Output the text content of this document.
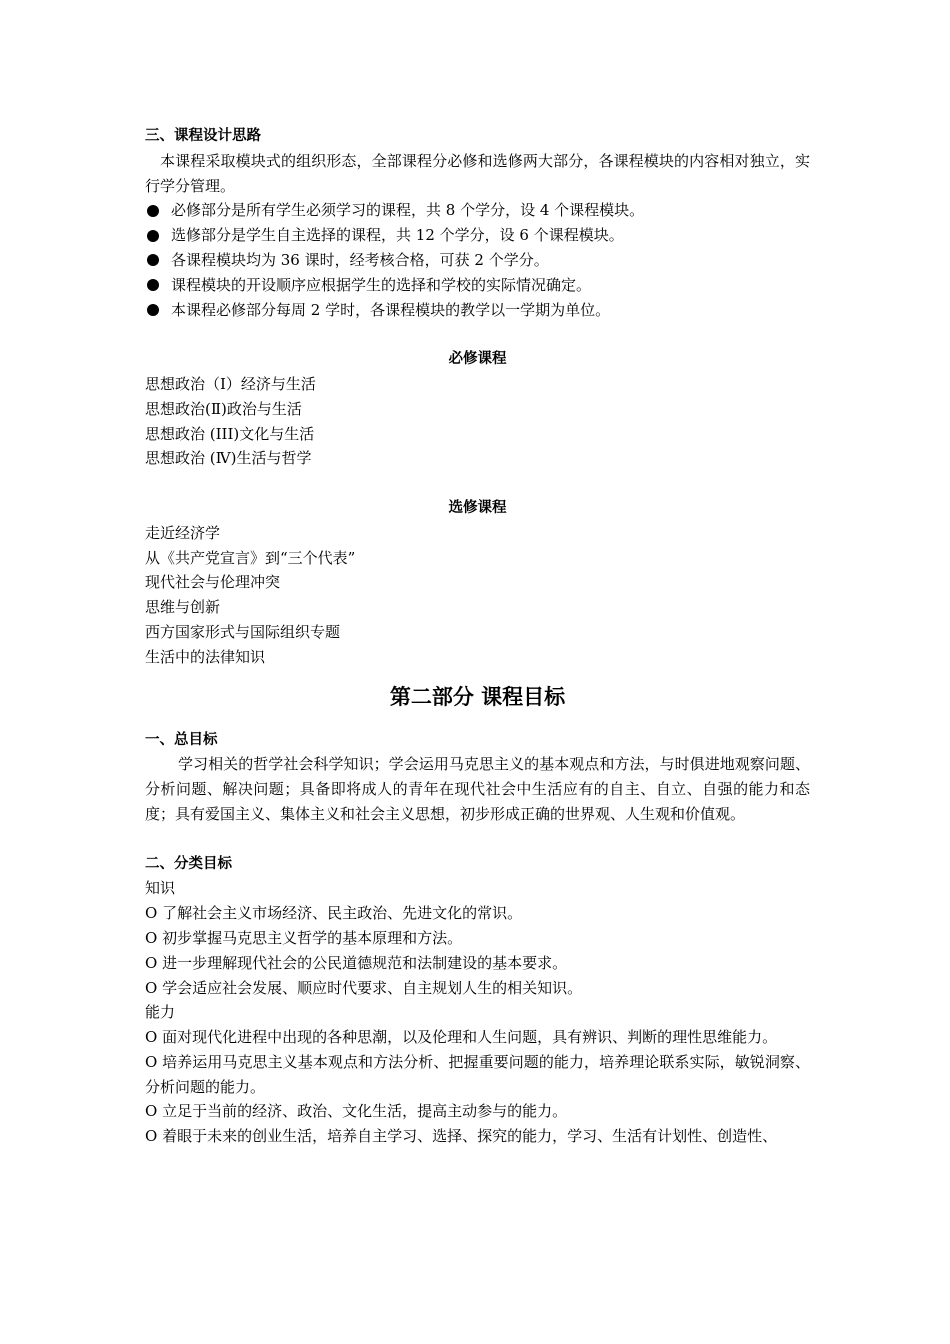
三、课程设计思路
本课程采取模块式的组织形态，全部课程分必修和选修两大部分，各课程模块的内容相对独立，实行学分管理。
必修部分是所有学生必须学习的课程，共 8 个学分，设 4 个课程模块。
选修部分是学生自主选择的课程，共 12 个学分，设 6 个课程模块。
各课程模块均为 36 课时，经考核合格，可获 2 个学分。
课程模块的开设顺序应根据学生的选择和学校的实际情况确定。
本课程必修部分每周 2 学时，各课程模块的教学以一学期为单位。
必修课程
思想政治（Ⅰ）经济与生活
思想政治(Ⅱ)政治与生活
思想政治 (III)文化与生活
思想政治 (Ⅳ)生活与哲学
选修课程
走近经济学
从《共产党宣言》到“三个代表”
现代社会与伦理冲突
思维与创新
西方国家形式与国际组织专题
生活中的法律知识
第二部分 课程目标
一、总目标
学习相关的哲学社会科学知识；学会运用马克思主义的基本观点和方法，与时俱进地观察问题、分析问题、解决问题；具备即将成人的青年在现代社会中生活应有的自主、自立、自强的能力和态度；具有爱国主义、集体主义和社会主义思想，初步形成正确的世界观、人生观和价值观。
二、分类目标
知识
O 了解社会主义市场经济、民主政治、先进文化的常识。
O 初步掌握马克思主义哲学的基本原理和方法。
O 进一步理解现代社会的公民道德规范和法制建设的基本要求。
O 学会适应社会发展、顺应时代要求、自主规划人生的相关知识。
能力
O 面对现代化进程中出现的各种思潮，以及伦理和人生问题，具有辨识、判断的理性思维能力。
O 培养运用马克思主义基本观点和方法分析、把握重要问题的能力，培养理论联系实际，敏锐洞察、分析问题的能力。
O 立足于当前的经济、政治、文化生活，提高主动参与的能力。
O 着眼于未来的创业生活，培养自主学习、选择、探究的能力，学习、生活有计划性、创造性、
